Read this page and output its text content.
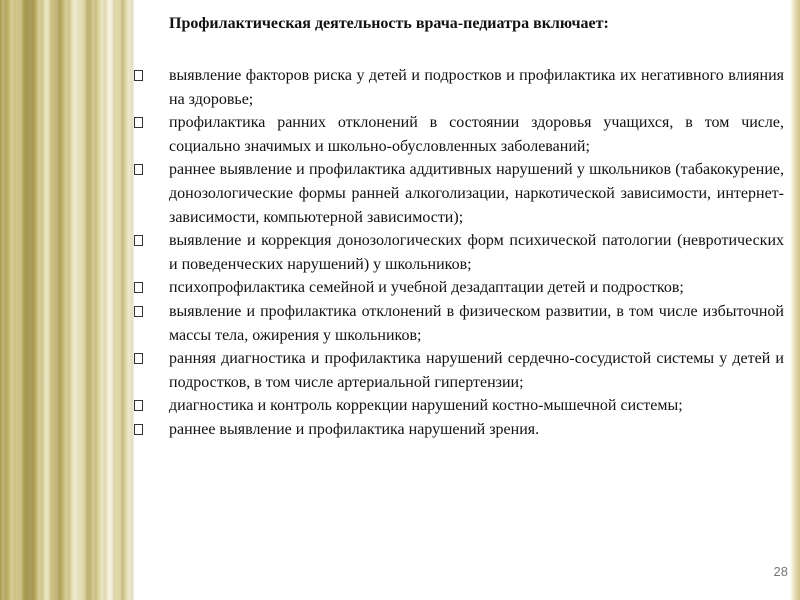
Профилактическая деятельность врача-педиатра включает:
выявление факторов риска у детей и подростков и профилактика их негативного влияния на здоровье;
профилактика ранних отклонений в состоянии здоровья учащихся, в том числе, социально значимых и школьно-обусловленных заболеваний;
раннее выявление и профилактика аддитивных нарушений у школьников (табакокурение, донозологические формы ранней алкоголизации, наркотической зависимости, интернет-зависимости, компьютерной зависимости);
выявление и коррекция донозологических форм психической патологии (невротических и поведенческих нарушений) у школьников;
психопрофилактика семейной и учебной дезадаптации детей и подростков;
выявление и профилактика отклонений в физическом развитии, в том числе избыточной массы тела, ожирения у школьников;
ранняя диагностика и профилактика нарушений сердечно-сосудистой системы у детей и подростков, в том числе артериальной гипертензии;
диагностика и контроль коррекции нарушений костно-мышечной системы;
раннее выявление и профилактика нарушений зрения.
28
